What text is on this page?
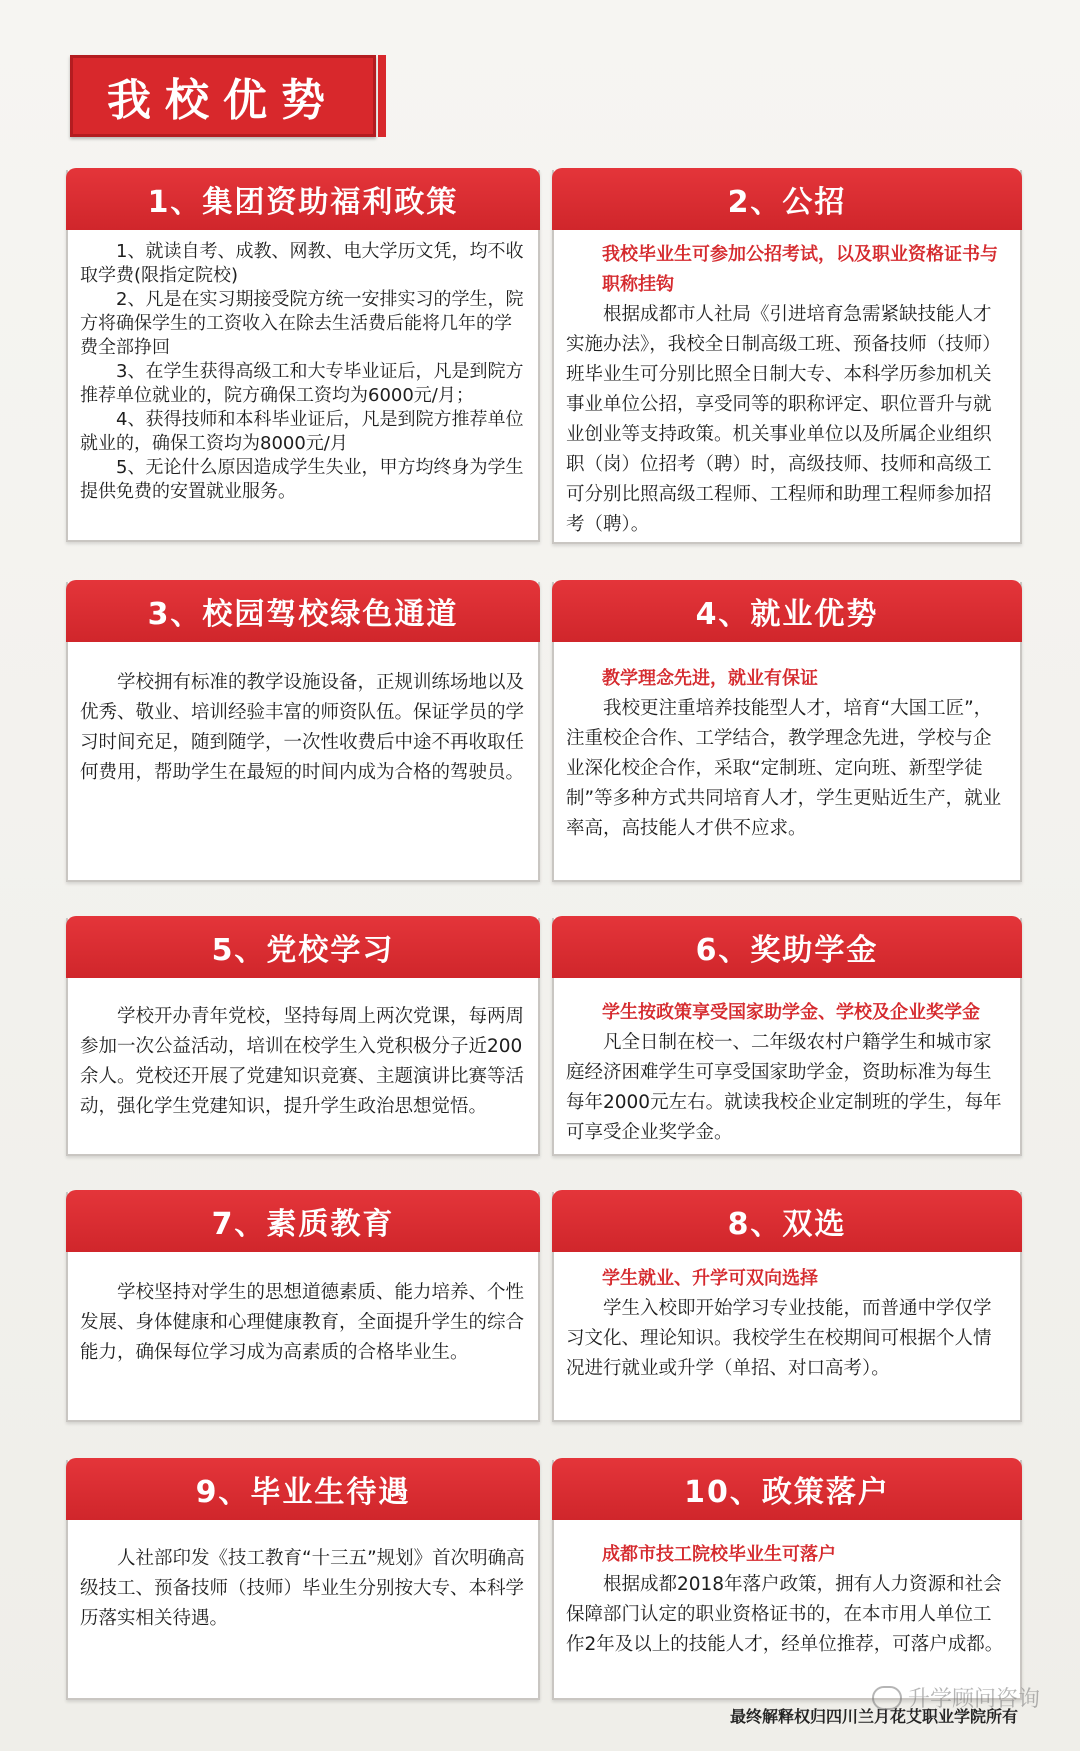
我校优势
1、集团资助福利政策

1、就读自考、成教、网教、电大学历文凭，均不收取学费(限指定院校)

2、凡是在实习期接受院方统一安排实习的学生，院方将确保学生的工资收入在除去生活费后能将几年的学费全部挣回

3、在学生获得高级工和大专毕业证后，凡是到院方推荐单位就业的，院方确保工资均为6000元/月；

4、获得技师和本科毕业证后，凡是到院方推荐单位就业的，确保工资均为8000元/月

5、无论什么原因造成学生失业，甲方均终身为学生提供免费的安置就业服务。

2、公招

我校毕业生可参加公招考试，以及职业资格证书与职称挂钩

根据成都市人社局《引进培育急需紧缺技能人才实施办法》，我校全日制高级工班、预备技师（技师）班毕业生可分别比照全日制大专、本科学历参加机关事业单位公招，享受同等的职称评定、职位晋升与就业创业等支持政策。机关事业单位以及所属企业组织职（岗）位招考（聘）时，高级技师、技师和高级工可分别比照高级工程师、工程师和助理工程师参加招考（聘）。

3、校园驾校绿色通道

学校拥有标准的教学设施设备，正规训练场地以及优秀、敬业、培训经验丰富的师资队伍。保证学员的学习时间充足，随到随学，一次性收费后中途不再收取任何费用，帮助学生在最短的时间内成为合格的驾驶员。

4、就业优势

教学理念先进，就业有保证

我校更注重培养技能型人才，培育“大国工匠”，注重校企合作、工学结合，教学理念先进，学校与企业深化校企合作，采取“定制班、定向班、新型学徒制”等多种方式共同培育人才，学生更贴近生产，就业率高，高技能人才供不应求。

5、党校学习

学校开办青年党校，坚持每周上两次党课，每两周参加一次公益活动，培训在校学生入党积极分子近200余人。党校还开展了党建知识竞赛、主题演讲比赛等活动，强化学生党建知识，提升学生政治思想觉悟。

6、奖助学金

学生按政策享受国家助学金、学校及企业奖学金

凡全日制在校一、二年级农村户籍学生和城市家庭经济困难学生可享受国家助学金，资助标准为每生每年2000元左右。就读我校企业定制班的学生，每年可享受企业奖学金。

7、素质教育

学校坚持对学生的思想道德素质、能力培养、个性发展、身体健康和心理健康教育，全面提升学生的综合能力，确保每位学习成为高素质的合格毕业生。

8、双选

学生就业、升学可双向选择

学生入校即开始学习专业技能，而普通中学仅学习文化、理论知识。我校学生在校期间可根据个人情况进行就业或升学（单招、对口高考）。

9、毕业生待遇

人社部印发《技工教育“十三五”规划》首次明确高级技工、预备技师（技师）毕业生分别按大专、本科学历落实相关待遇。

10、政策落户

成都市技工院校毕业生可落户

根据成都2018年落户政策，拥有人力资源和社会保障部门认定的职业资格证书的，在本市用人单位工作2年及以上的技能人才，经单位推荐，可落户成都。

最终解释权归四川兰月花艾职业学院所有
升学顾问咨询
